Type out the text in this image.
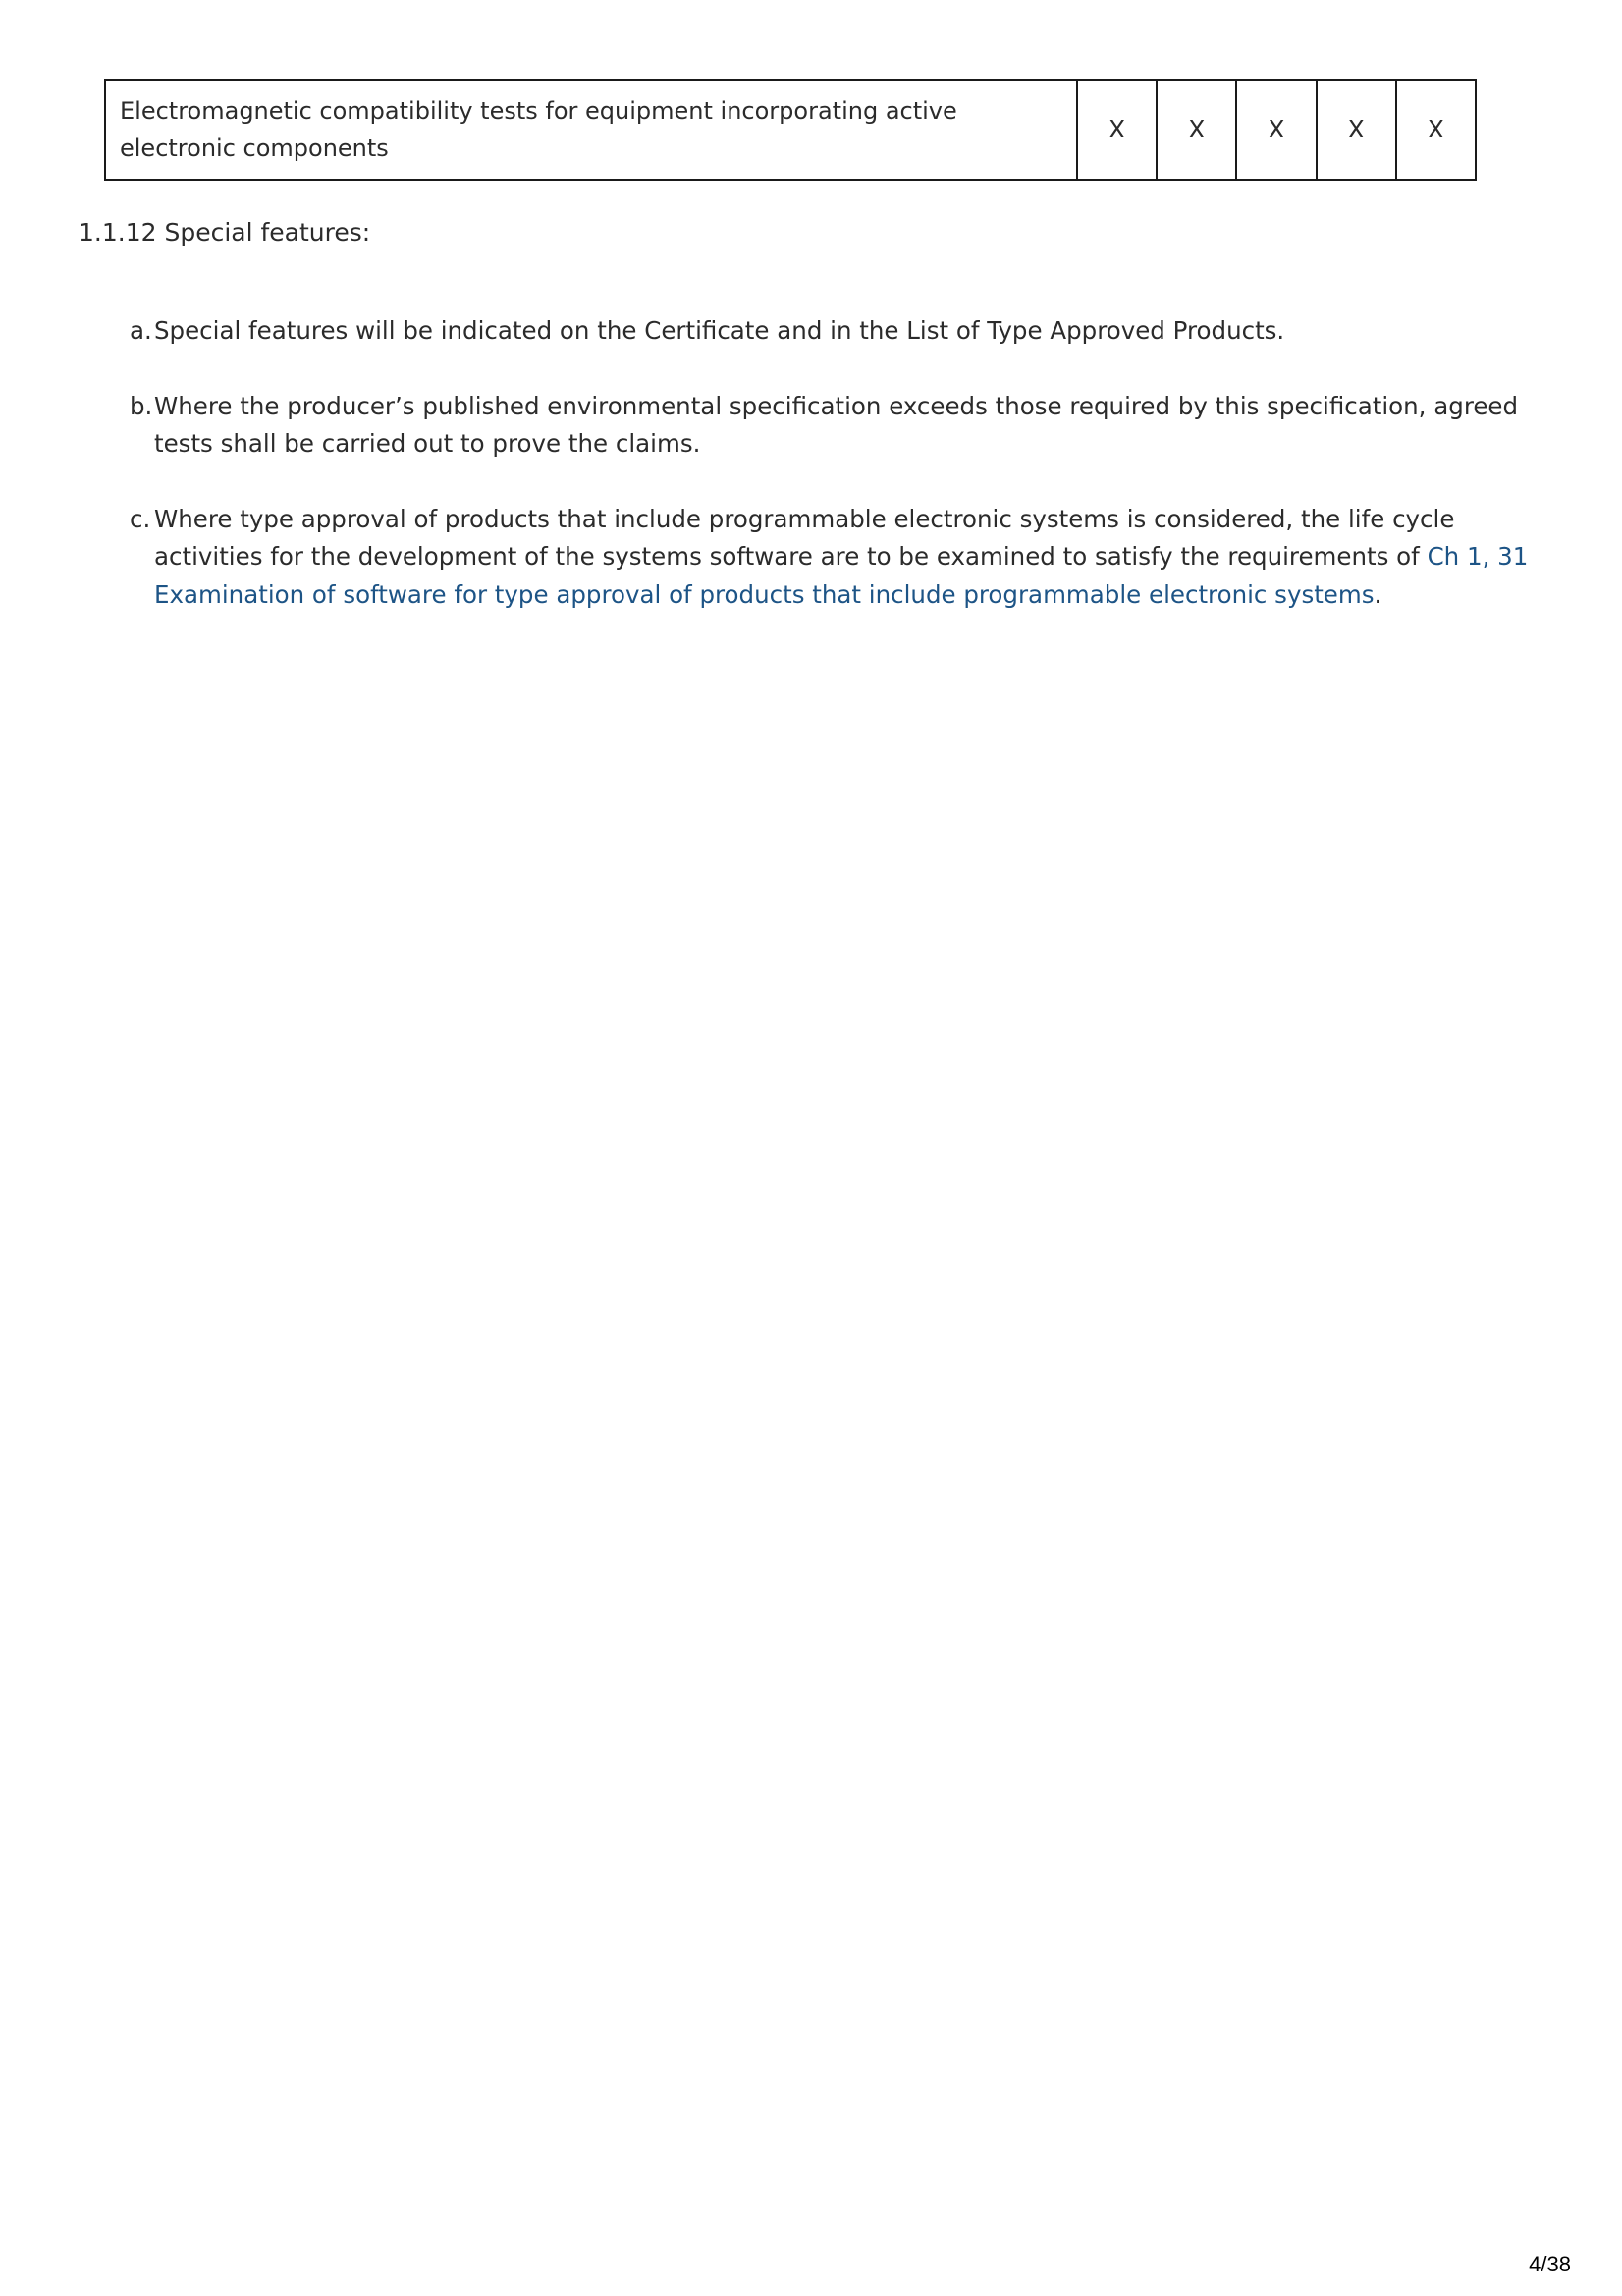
Electromagnetic compatibility tests for equipment incorporating active electronic components	X	X	X	X	X
1.1.12 Special features:
a. Special features will be indicated on the Certificate and in the List of Type Approved Products.
b. Where the producer’s published environmental specification exceeds those required by this specification, agreed tests shall be carried out to prove the claims.
c. Where type approval of products that include programmable electronic systems is considered, the life cycle activities for the development of the systems software are to be examined to satisfy the requirements of Ch 1, 31 Examination of software for type approval of products that include programmable electronic systems.
4/38
